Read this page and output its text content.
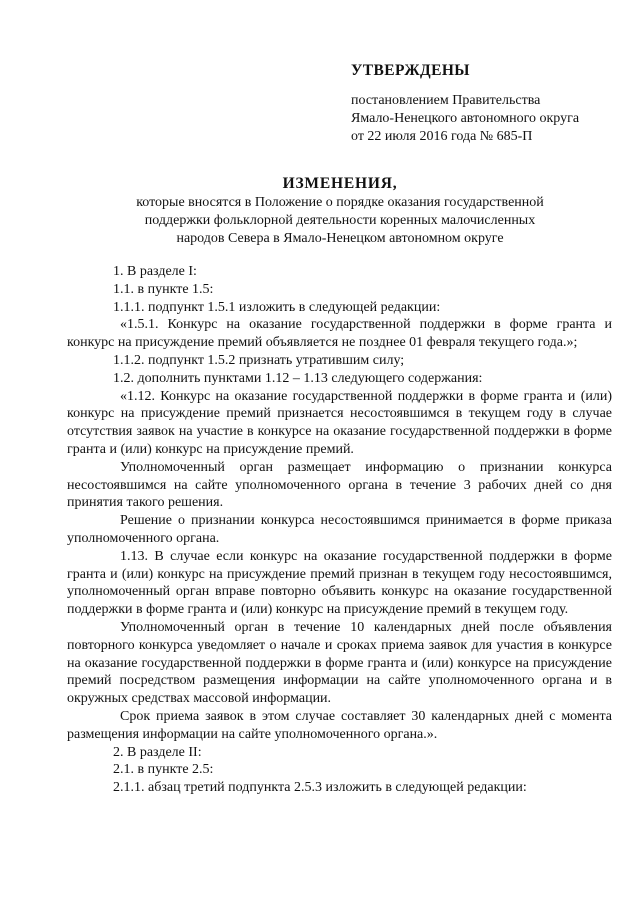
УТВЕРЖДЕНЫ
постановлением Правительства
Ямало-Ненецкого автономного округа
от 22 июля 2016 года № 685-П
ИЗМЕНЕНИЯ,
которые вносятся в Положение о порядке оказания государственной
поддержки фольклорной деятельности коренных малочисленных
народов Севера в Ямало-Ненецком автономном округе
1. В разделе I:
1.1. в пункте 1.5:
1.1.1. подпункт 1.5.1 изложить в следующей редакции:
«1.5.1. Конкурс на оказание государственной поддержки в форме гранта и конкурс на присуждение премий объявляется не позднее 01 февраля текущего года.»;
1.1.2. подпункт 1.5.2 признать утратившим силу;
1.2. дополнить пунктами 1.12 – 1.13 следующего содержания:
«1.12. Конкурс на оказание государственной поддержки в форме гранта и (или) конкурс на присуждение премий признается несостоявшимся в текущем году в случае отсутствия заявок на участие в конкурсе на оказание государственной поддержки в форме гранта и (или) конкурс на присуждение премий.
Уполномоченный орган размещает информацию о признании конкурса несостоявшимся на сайте уполномоченного органа в течение 3 рабочих дней со дня принятия такого решения.
Решение о признании конкурса несостоявшимся принимается в форме приказа уполномоченного органа.
1.13. В случае если конкурс на оказание государственной поддержки в форме гранта и (или) конкурс на присуждение премий признан в текущем году несостоявшимся, уполномоченный орган вправе повторно объявить конкурс на оказание государственной поддержки в форме гранта и (или) конкурс на присуждение премий в текущем году.
Уполномоченный орган в течение 10 календарных дней после объявления повторного конкурса уведомляет о начале и сроках приема заявок для участия в конкурсе на оказание государственной поддержки в форме гранта и (или) конкурсе на присуждение премий посредством размещения информации на сайте уполномоченного органа и в окружных средствах массовой информации.
Срок приема заявок в этом случае составляет 30 календарных дней с момента размещения информации на сайте уполномоченного органа.».
2. В разделе II:
2.1. в пункте 2.5:
2.1.1. абзац третий подпункта 2.5.3 изложить в следующей редакции:
